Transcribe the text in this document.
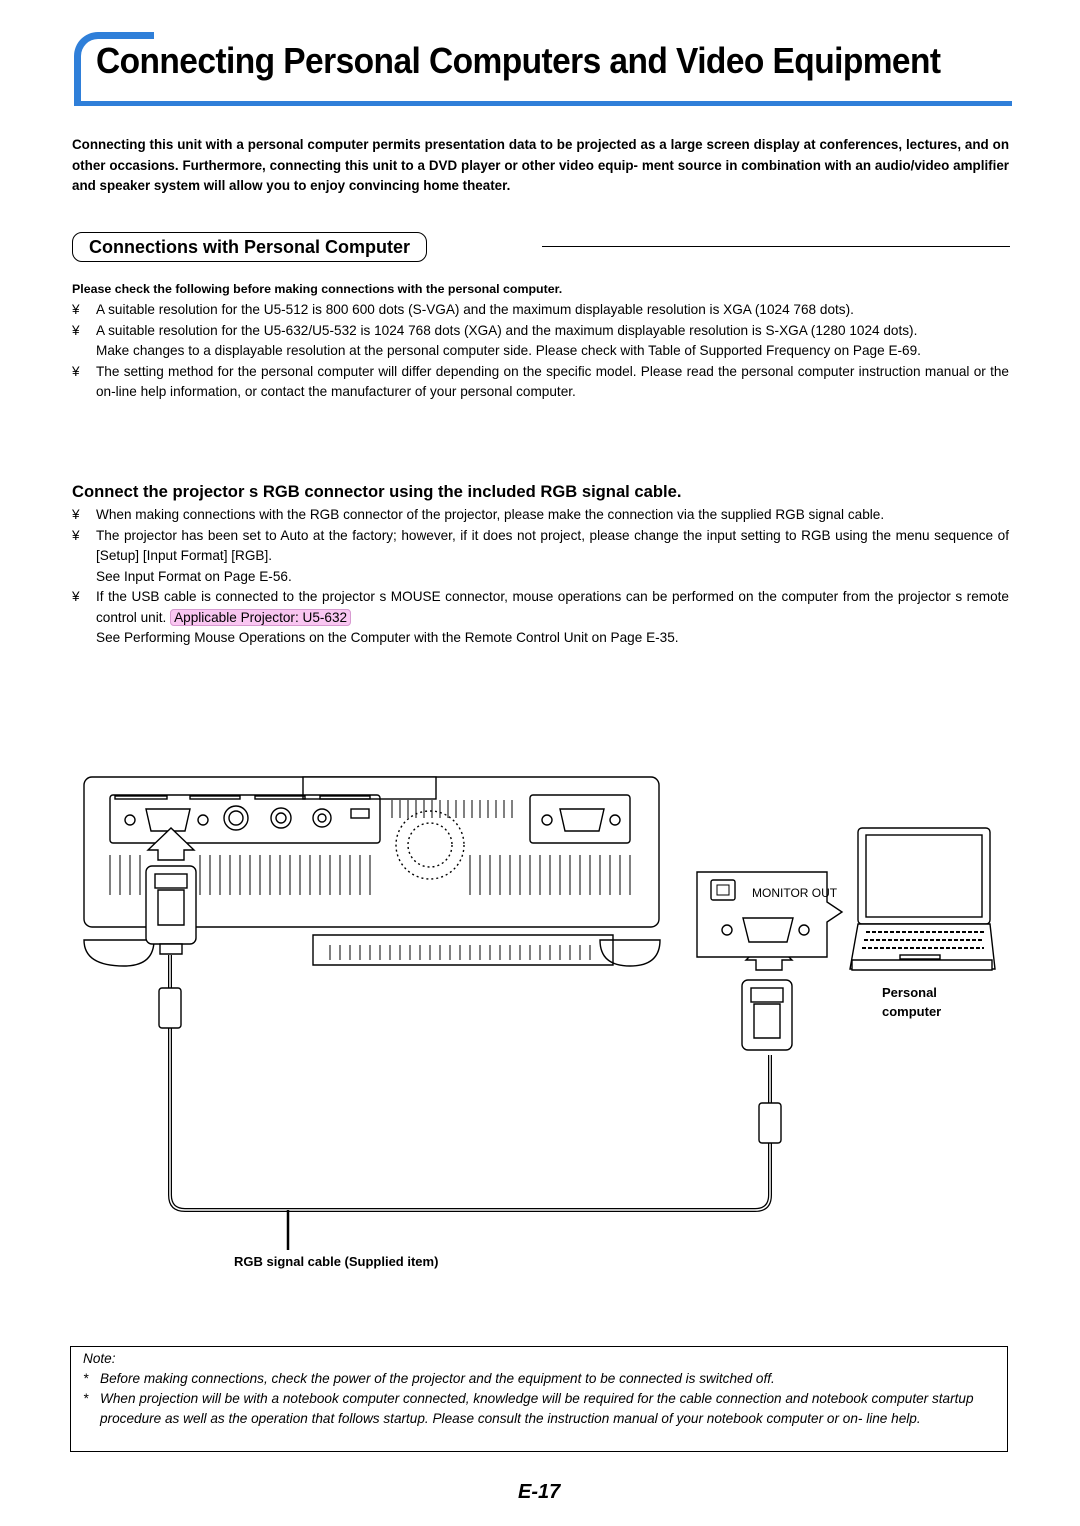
Connecting Personal Computers and Video Equipment
Connecting this unit with a personal computer permits presentation data to be projected as a large screen display at conferences, lectures, and on other occasions. Furthermore, connecting this unit to a DVD player or other video equip- ment source in combination with an audio/video amplifier and speaker system will allow you to enjoy convincing home theater.
Connections with Personal Computer
Please check the following before making connections with the personal computer.
¥ A suitable resolution for the U5-512 is 800 600 dots (S-VGA) and the maximum displayable resolution is XGA (1024 768 dots).
¥ A suitable resolution for the U5-632/U5-532 is 1024 768 dots (XGA) and the maximum displayable resolution is S-XGA (1280 1024 dots).
Make changes to a displayable resolution at the personal computer side. Please check with Table of Supported Frequency on Page E-69.
¥ The setting method for the personal computer will differ depending on the specific model. Please read the personal computer instruction manual or the on-line help information, or contact the manufacturer of your personal computer.
Connect the projector s RGB connector using the included RGB signal cable.
¥ When making connections with the RGB connector of the projector, please make the connection via the supplied RGB signal cable.
¥ The projector has been set to Auto at the factory; however, if it does not project, please change the input setting to RGB using the menu sequence of [Setup] [Input Format] [RGB].
See Input Format on Page E-56.
¥ If the USB cable is connected to the projector s MOUSE connector, mouse operations can be performed on the computer from the projector s remote control unit. Applicable Projector: U5-632
See Performing Mouse Operations on the Computer with the Remote Control Unit on Page E-35.
MONITOR OUT
Personal
computer
RGB signal cable (Supplied item)
Note:
* Before making connections, check the power of the projector and the equipment to be connected is switched off.
* When projection will be with a notebook computer connected, knowledge will be required for the cable connection and notebook computer startup procedure as well as the operation that follows startup. Please consult the instruction manual of your notebook computer or on- line help.
E-17
